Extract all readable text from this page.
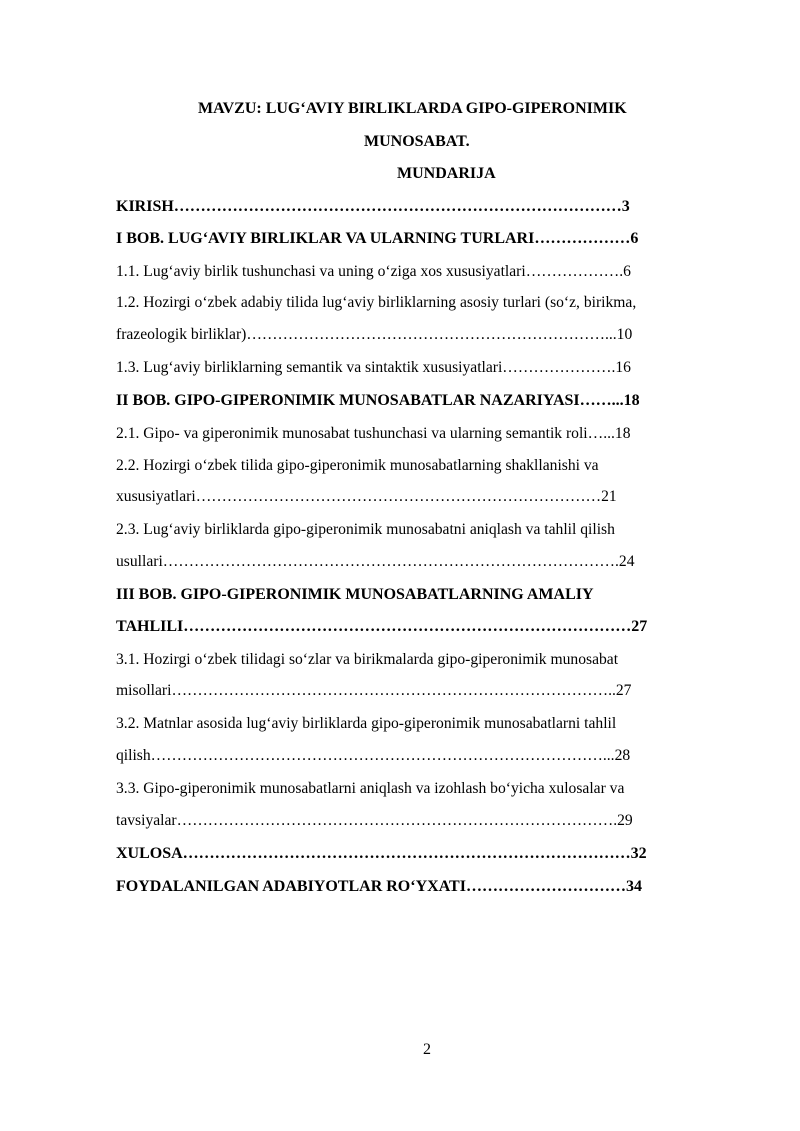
MAVZU: LUG‘AVIY BIRLIKLARDA GIPO-GIPERONIMIK
MUNOSABAT.
MUNDARIJA
KIRISH…………………………………………………………………………3
I BOB. LUG‘AVIY BIRLIKLAR VA ULARNING TURLARI………………6
1.1. Lug‘aviy birlik tushunchasi va uning o‘ziga xos xususiyatlari……………….6
1.2. Hozirgi o‘zbek adabiy tilida lug‘aviy birliklarning asosiy turlari (so‘z, birikma,
frazeologik birliklar)……………………………………………………………...10
1.3. Lug‘aviy birliklarning semantik va sintaktik xususiyatlari………………….16
II BOB. GIPO-GIPERONIMIK MUNOSABATLAR NAZARIYASI……...18
2.1. Gipo- va giperonimik munosabat tushunchasi va ularning semantik roli…...18
2.2. Hozirgi o‘zbek tilida gipo-giperonimik munosabatlarning shakllanishi va
xususiyatlari……………………………………………………………………21
2.3. Lug‘aviy birliklarda gipo-giperonimik munosabatni aniqlash va tahlil qilish
usullari…………………………………………………………………………….24
III BOB. GIPO-GIPERONIMIK MUNOSABATLARNING AMALIY
TAHLILI…………………………………………………………………………27
3.1. Hozirgi o‘zbek tilidagi so‘zlar va birikmalarda gipo-giperonimik munosabat
misollari…………………………………………………………………………..27
3.2. Matnlar asosida lug‘aviy birliklarda gipo-giperonimik munosabatlarni tahlil
qilish……………………………………………………………………………...28
3.3. Gipo-giperonimik munosabatlarni aniqlash va izohlash bo‘yicha xulosalar va
tavsiyalar………………………………………………………………………….29
XULOSA…………………………………………………………………………32
FOYDALANILGAN ADABIYOTLAR RO‘YXATI…………………………34
2
